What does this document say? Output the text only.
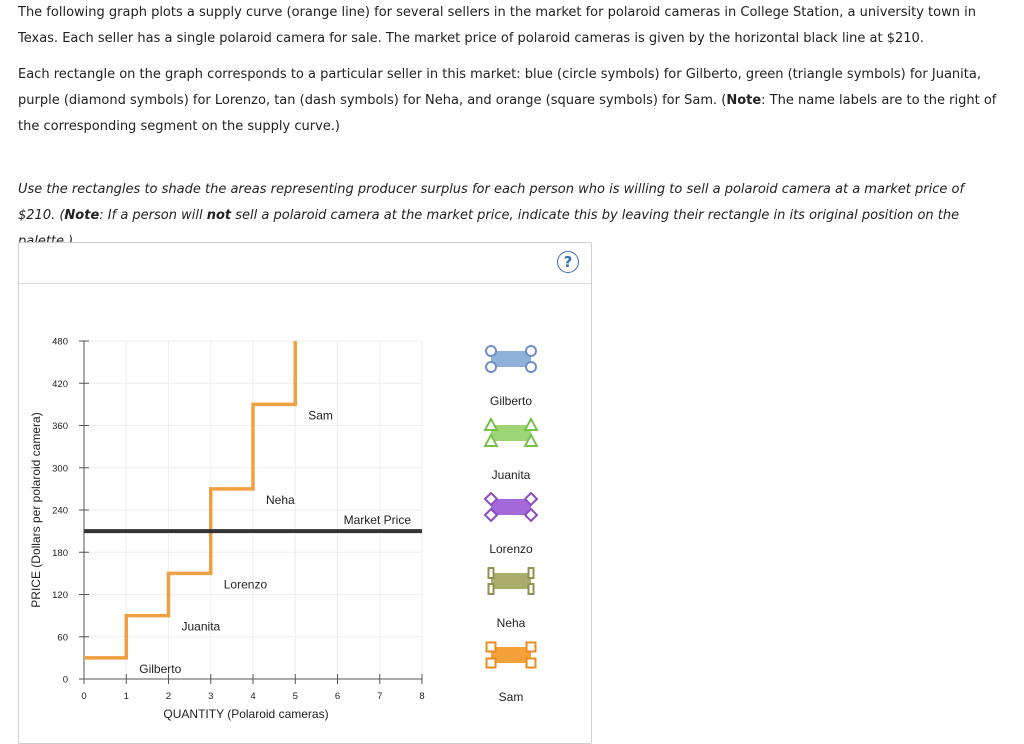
The following graph plots a supply curve (orange line) for several sellers in the market for polaroid cameras in College Station, a university town in Texas. Each seller has a single polaroid camera for sale. The market price of polaroid cameras is given by the horizontal black line at $210.

Each rectangle on the graph corresponds to a particular seller in this market: blue (circle symbols) for Gilberto, green (triangle symbols) for Juanita, purple (diamond symbols) for Lorenzo, tan (dash symbols) for Neha, and orange (square symbols) for Sam. (Note: The name labels are to the right of the corresponding segment on the supply curve.)

Use the rectangles to shade the areas representing producer surplus for each person who is willing to sell a polaroid camera at a market price of $210. (Note: If a person will not sell a polaroid camera at the market price, indicate this by leaving their rectangle in its original position on the

?
0
60
120
180
240
300
360
420
480
0	1	2	3	4	5	6	7	8
QUANTITY (Polaroid cameras)
PRICE (Dollars per polaroid camera)	Market Price
Gilberto
Juanita
Lorenzo
Neha
Sam
Gilberto
Juanita
Lorenzo
Neha
Sam
